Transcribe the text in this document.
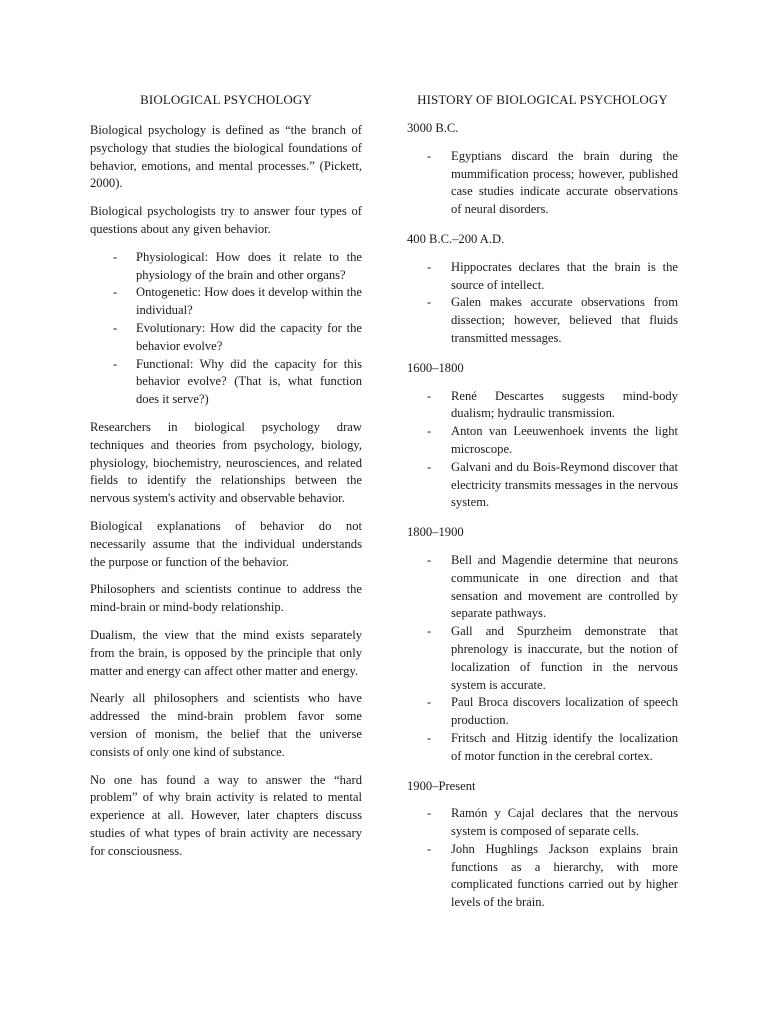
BIOLOGICAL PSYCHOLOGY

Biological psychology is defined as “the branch of psychology that studies the biological foundations of behavior, emotions, and mental processes.” (Pickett, 2000).

Biological psychologists try to answer four types of questions about any given behavior.

- Physiological: How does it relate to the physiology of the brain and other organs?
- Ontogenetic: How does it develop within the individual?
- Evolutionary: How did the capacity for the behavior evolve?
- Functional: Why did the capacity for this behavior evolve? (That is, what function does it serve?)

Researchers in biological psychology draw techniques and theories from psychology, biology, physiology, biochemistry, neurosciences, and related fields to identify the relationships between the nervous system's activity and observable behavior.

Biological explanations of behavior do not necessarily assume that the individual understands the purpose or function of the behavior.

Philosophers and scientists continue to address the mind-brain or mind-body relationship.

Dualism, the view that the mind exists separately from the brain, is opposed by the principle that only matter and energy can affect other matter and energy.

Nearly all philosophers and scientists who have addressed the mind-brain problem favor some version of monism, the belief that the universe consists of only one kind of substance.

No one has found a way to answer the “hard problem” of why brain activity is related to mental experience at all. However, later chapters discuss studies of what types of brain activity are necessary for consciousness.

HISTORY OF BIOLOGICAL PSYCHOLOGY

3000 B.C.

- Egyptians discard the brain during the mummification process; however, published case studies indicate accurate observations of neural disorders.

400 B.C.–200 A.D.

- Hippocrates declares that the brain is the source of intellect.
- Galen makes accurate observations from dissection; however, believed that fluids transmitted messages.

1600–1800

- René Descartes suggests mind-body dualism; hydraulic transmission.
- Anton van Leeuwenhoek invents the light microscope.
- Galvani and du Bois-Reymond discover that electricity transmits messages in the nervous system.

1800–1900

- Bell and Magendie determine that neurons communicate in one direction and that sensation and movement are controlled by separate pathways.
- Gall and Spurzheim demonstrate that phrenology is inaccurate, but the notion of localization of function in the nervous system is accurate.
- Paul Broca discovers localization of speech production.
- Fritsch and Hitzig identify the localization of motor function in the cerebral cortex.

1900–Present

- Ramón y Cajal declares that the nervous system is composed of separate cells.
- John Hughlings Jackson explains brain functions as a hierarchy, with more complicated functions carried out by higher levels of the brain.
